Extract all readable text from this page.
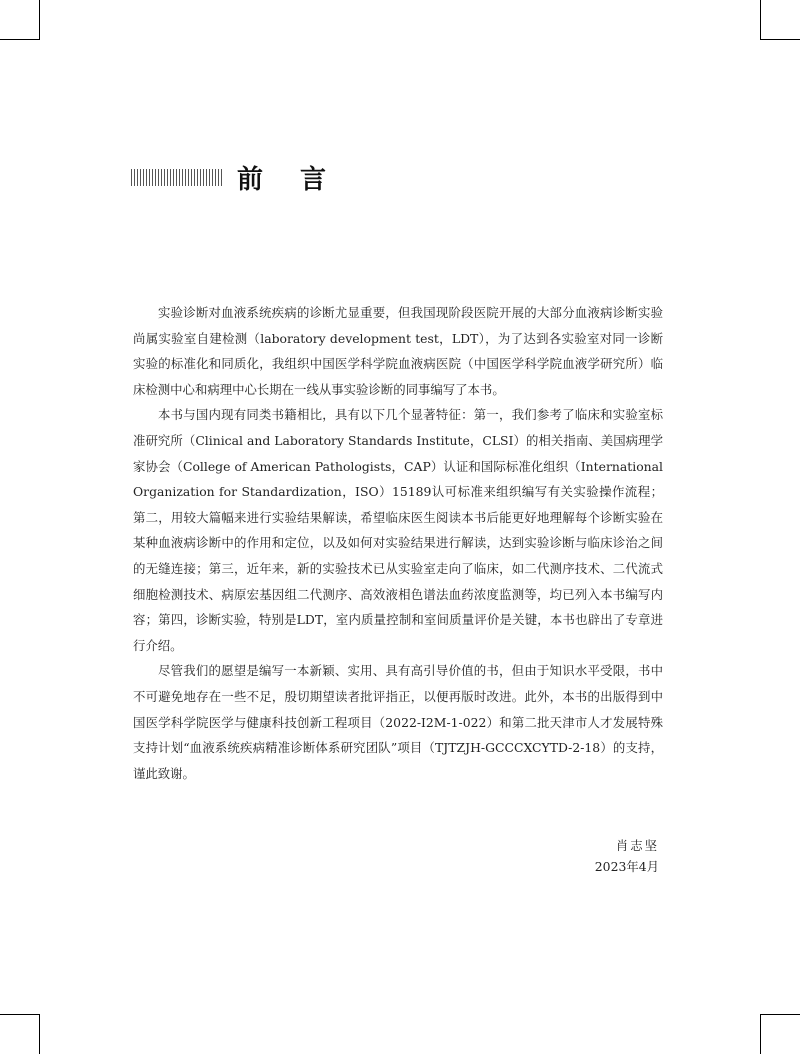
前 言

实验诊断对血液系统疾病的诊断尤显重要，但我国现阶段医院开展的大部分血液病诊断实验尚属实验室自建检测（laboratory development test，LDT），为了达到各实验室对同一诊断实验的标准化和同质化，我组织中国医学科学院血液病医院（中国医学科学院血液学研究所）临床检测中心和病理中心长期在一线从事实验诊断的同事编写了本书。

本书与国内现有同类书籍相比，具有以下几个显著特征：第一，我们参考了临床和实验室标准研究所（Clinical and Laboratory Standards Institute，CLSI）的相关指南、美国病理学家协会（College of American Pathologists，CAP）认证和国际标准化组织（International Organization for Standardization，ISO）15189认可标准来组织编写有关实验操作流程；第二，用较大篇幅来进行实验结果解读，希望临床医生阅读本书后能更好地理解每个诊断实验在某种血液病诊断中的作用和定位，以及如何对实验结果进行解读，达到实验诊断与临床诊治之间的无缝连接；第三，近年来，新的实验技术已从实验室走向了临床，如二代测序技术、二代流式细胞检测技术、病原宏基因组二代测序、高效液相色谱法血药浓度监测等，均已列入本书编写内容；第四，诊断实验，特别是LDT，室内质量控制和室间质量评价是关键，本书也辟出了专章进行介绍。

尽管我们的愿望是编写一本新颖、实用、具有高引导价值的书，但由于知识水平受限，书中不可避免地存在一些不足，殷切期望读者批评指正，以便再版时改进。此外，本书的出版得到中国医学科学院医学与健康科技创新工程项目（2022-I2M-1-022）和第二批天津市人才发展特殊支持计划“血液系统疾病精准诊断体系研究团队”项目（TJTZJH-GCCCXCYTD-2-18）的支持，谨此致谢。

肖志坚
2023年4月
